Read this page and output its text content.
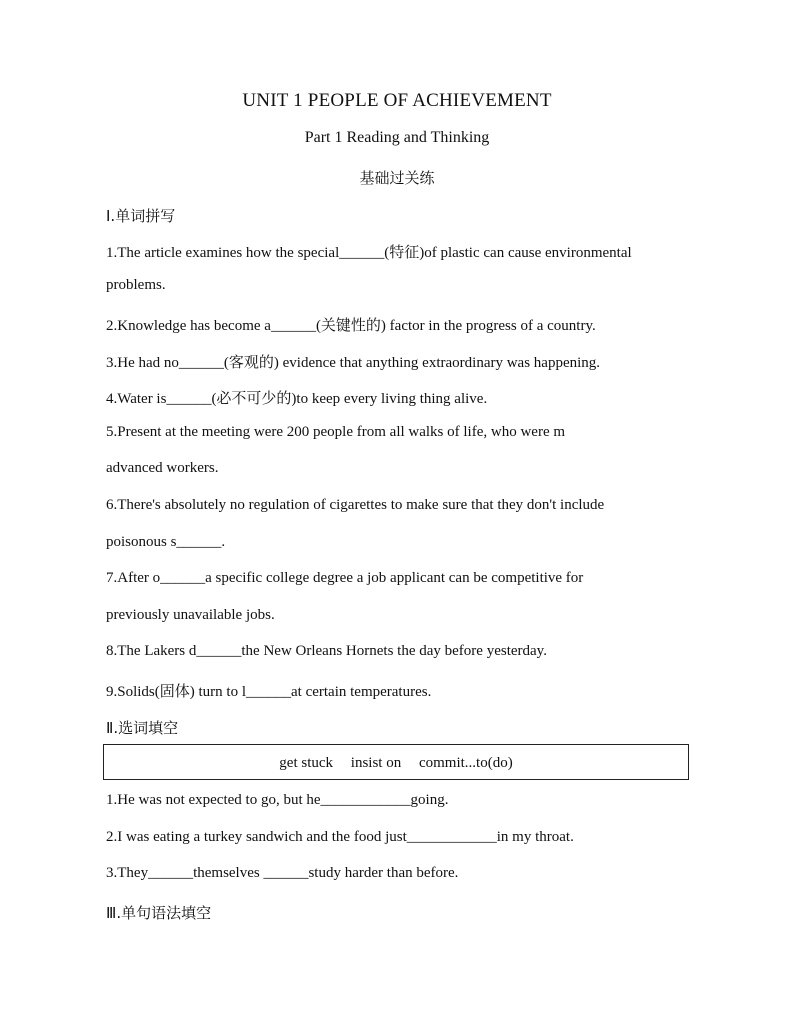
UNIT 1 PEOPLE OF ACHIEVEMENT
Part 1 Reading and Thinking
基础过关练
Ⅰ.单词拼写
1.The article examines how the special______(特征)of plastic can cause environmental
problems.
2.Knowledge has become a______(关键性的) factor in the progress of a country.
3.He had no______(客观的) evidence that anything extraordinary was happening.
4.Water is______(必不可少的)to keep every living thing alive.
5.Present at the meeting were 200 people from all walks of life, who were m
advanced workers.
6.There's absolutely no regulation of cigarettes to make sure that they don't include
poisonous s______.
7.After o______a specific college degree a job applicant can be competitive for
previously unavailable jobs.
8.The Lakers d______the New Orleans Hornets the day before yesterday.
9.Solids(固体) turn to l______at certain temperatures.
Ⅱ.选词填空
get stuck insist on commit...to(do)
1.He was not expected to go, but he____________going.
2.I was eating a turkey sandwich and the food just____________in my throat.
3.They______themselves ______study harder than before.
Ⅲ.单句语法填空
